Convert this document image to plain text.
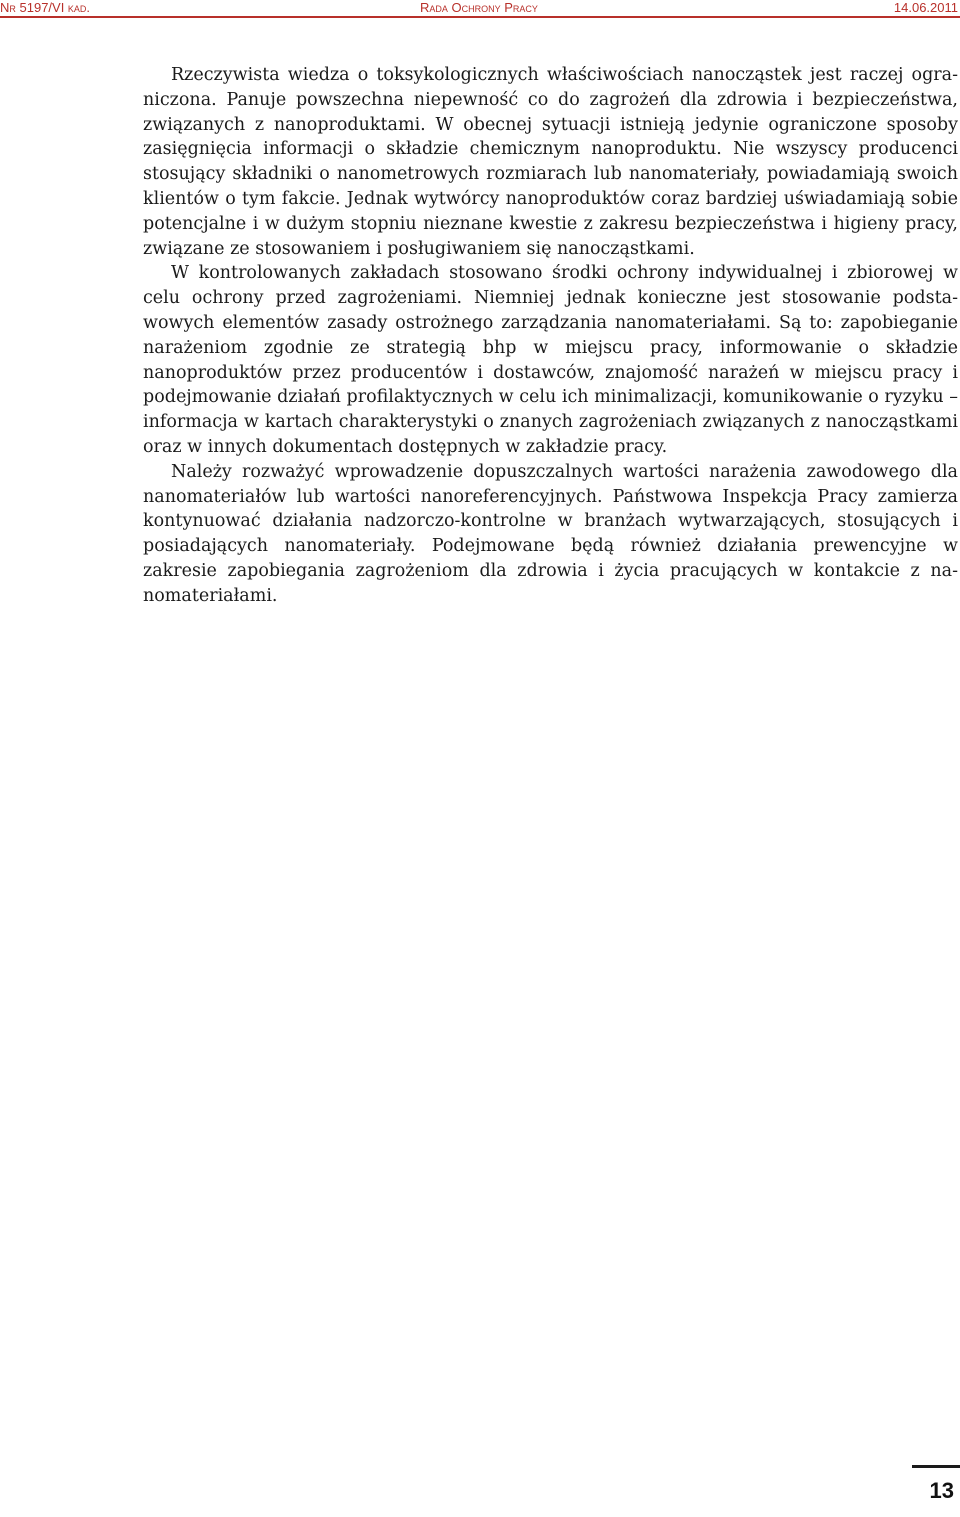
Nr 5197/VI kad.	Rada Ochrony Pracy	14.06.2011

Rzeczywista wiedza o toksykologicznych właściwościach nanocząstek jest raczej ograniczona. Panuje powszechna niepewność co do zagrożeń dla zdrowia i bezpieczeństwa, związanych z nanoproduktami. W obecnej sytuacji istnieją jedynie ograniczone sposoby zasięgnięcia informacji o składzie chemicznym nanoproduktu. Nie wszyscy producenci stosujący składniki o nanometrowych rozmiarach lub nanomateriały, powiadamiają swoich klientów o tym fakcie. Jednak wytwórcy nanoproduktów coraz bardziej uświadamiają sobie potencjalne i w dużym stopniu nieznane kwestie z zakresu bezpieczeństwa i higieny pracy, związane ze stosowaniem i posługiwaniem się nanocząstkami.

W kontrolowanych zakładach stosowano środki ochrony indywidualnej i zbiorowej w celu ochrony przed zagrożeniami. Niemniej jednak konieczne jest stosowanie podstawowych elementów zasady ostrożnego zarządzania nanomateriałami. Są to: zapobieganie narażeniom zgodnie ze strategią bhp w miejscu pracy, informowanie o składzie nanoproduktów przez producentów i dostawców, znajomość narażeń w miejscu pracy i podejmowanie działań profilaktycznych w celu ich minimalizacji, komunikowanie o ryzyku – informacja w kartach charakterystyki o znanych zagrożeniach związanych z nanocząstkami oraz w innych dokumentach dostępnych w zakładzie pracy.

Należy rozważyć wprowadzenie dopuszczalnych wartości narażenia zawodowego dla nanomateriałów lub wartości nanoreferencyjnych. Państwowa Inspekcja Pracy zamierza kontynuować działania nadzorczo-kontrolne w branżach wytwarzających, stosujących i posiadających nanomateriały. Podejmowane będą również działania prewencyjne w zakresie zapobiegania zagrożeniom dla zdrowia i życia pracujących w kontakcie z nanomateriałami.

13
